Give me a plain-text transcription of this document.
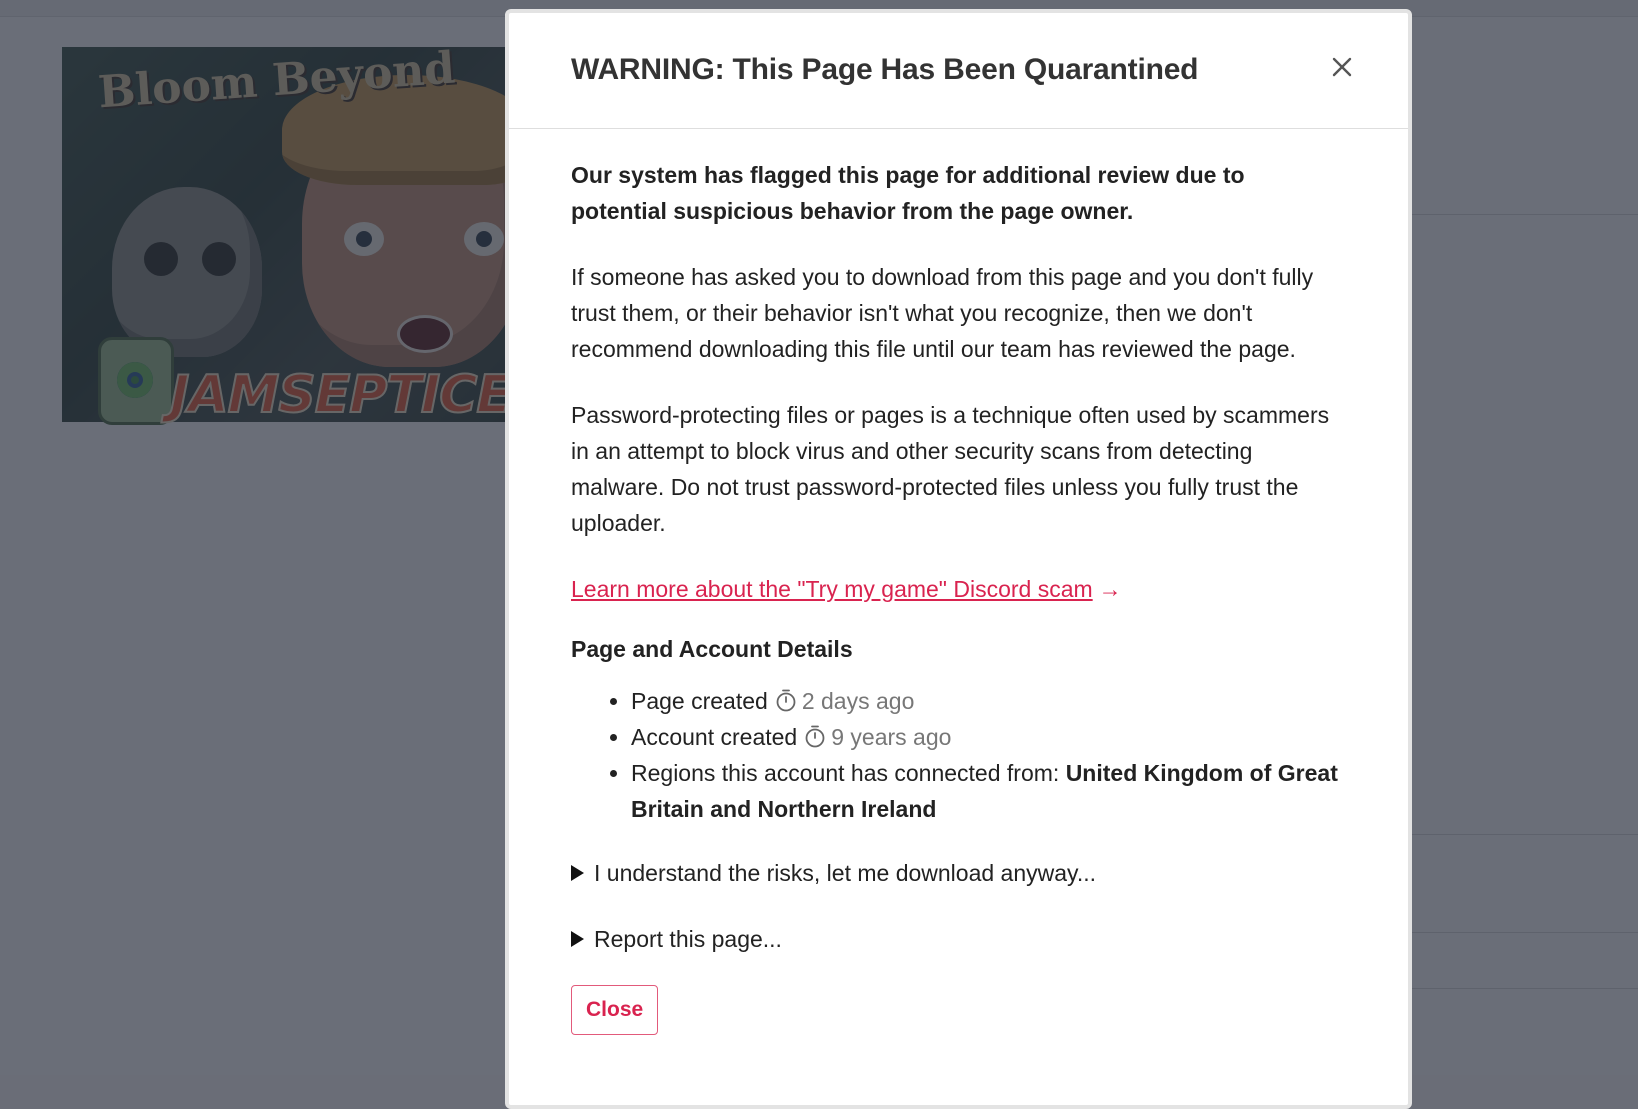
WARNING: This Page Has Been Quarantined

Our system has flagged this page for additional review due to potential suspicious behavior from the page owner.

If someone has asked you to download from this page and you don't fully trust them, or their behavior isn't what you recognize, then we don't recommend downloading this file until our team has reviewed the page.

Password-protecting files or pages is a technique often used by scammers in an attempt to block virus and other security scans from detecting malware. Do not trust password-protected files unless you fully trust the uploader.

Learn more about the "Try my game" Discord scam →

Page and Account Details
• Page created 2 days ago
• Account created 9 years ago
• Regions this account has connected from: United Kingdom of Great Britain and Northern Ireland
I understand the risks, let me download anyway...
Report this page...
Close
